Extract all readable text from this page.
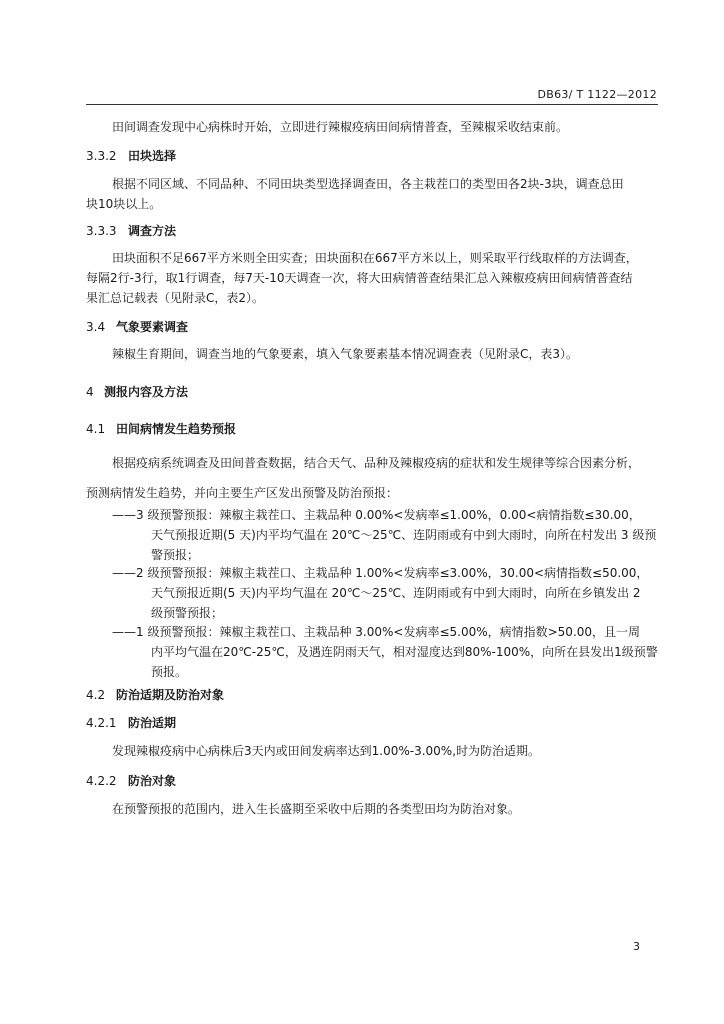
DB63/ T 1122—2012
田间调查发现中心病株时开始，立即进行辣椒疫病田间病情普查，至辣椒采收结束前。
3.3.2 田块选择
根据不同区域、不同品种、不同田块类型选择调查田，各主栽茬口的类型田各2块-3块，调查总田
块10块以上。
3.3.3 调查方法
田块面积不足667平方米则全田实查；田块面积在667平方米以上，则采取平行线取样的方法调查，
每隔2行-3行，取1行调查，每7天-10天调查一次，将大田病情普查结果汇总入辣椒疫病田间病情普查结
果汇总记载表（见附录C，表2）。
3.4 气象要素调查
辣椒生育期间，调查当地的气象要素，填入气象要素基本情况调查表（见附录C，表3）。
4 测报内容及方法
4.1 田间病情发生趋势预报
根据疫病系统调查及田间普查数据，结合天气、品种及辣椒疫病的症状和发生规律等综合因素分析，
预测病情发生趋势，并向主要生产区发出预警及防治预报：
——3 级预警预报：辣椒主栽茬口、主栽品种 0.00%<发病率≤1.00%，0.00<病情指数≤30.00，
天气预报近期(5 天)内平均气温在 20℃～25℃、连阴雨或有中到大雨时，向所在村发出 3 级预
警预报；
——2 级预警预报：辣椒主栽茬口、主栽品种 1.00%<发病率≤3.00%，30.00<病情指数≤50.00，
天气预报近期(5 天)内平均气温在 20℃～25℃、连阴雨或有中到大雨时，向所在乡镇发出 2
级预警预报；
——1 级预警预报：辣椒主栽茬口、主栽品种 3.00%<发病率≤5.00%，病情指数>50.00，且一周
内平均气温在20℃-25℃，及遇连阴雨天气，相对湿度达到80%-100%，向所在县发出1级预警
预报。
4.2 防治适期及防治对象
4.2.1 防治适期
发现辣椒疫病中心病株后3天内或田间发病率达到1.00%-3.00%,时为防治适期。
4.2.2 防治对象
在预警预报的范围内，进入生长盛期至采收中后期的各类型田均为防治对象。
3
